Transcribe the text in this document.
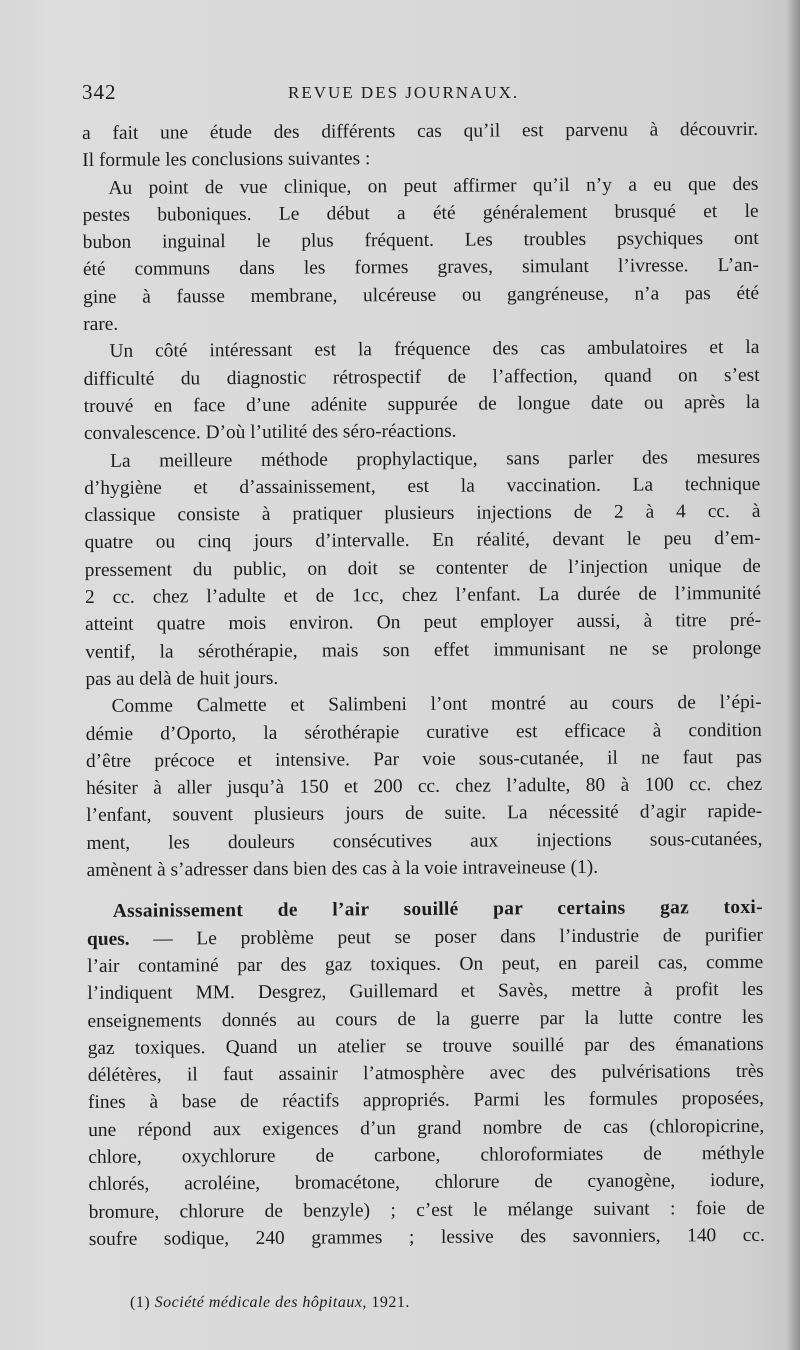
342	REVUE DES JOURNAUX.

a fait une étude des différents cas qu’il est parvenu à découvrir.
Il formule les conclusions suivantes :

Au point de vue clinique, on peut affirmer qu’il n’y a eu que des
pestes buboniques. Le début a été généralement brusqué et le
bubon inguinal le plus fréquent. Les troubles psychiques ont
été communs dans les formes graves, simulant l’ivresse. L’an-
gine à fausse membrane, ulcéreuse ou gangréneuse, n’a pas été
rare.

Un côté intéressant est la fréquence des cas ambulatoires et la
difficulté du diagnostic rétrospectif de l’affection, quand on s’est
trouvé en face d’une adénite suppurée de longue date ou après la
convalescence. D’où l’utilité des séro-réactions.

La meilleure méthode prophylactique, sans parler des mesures
d’hygiène et d’assainissement, est la vaccination. La technique
classique consiste à pratiquer plusieurs injections de 2 à 4 cc. à
quatre ou cinq jours d’intervalle. En réalité, devant le peu d’em-
pressement du public, on doit se contenter de l’injection unique de
2 cc. chez l’adulte et de 1cc, chez l’enfant. La durée de l’immunité
atteint quatre mois environ. On peut employer aussi, à titre pré-
ventif, la sérothérapie, mais son effet immunisant ne se prolonge
pas au delà de huit jours.

Comme Calmette et Salimbeni l’ont montré au cours de l’épi-
démie d’Oporto, la sérothérapie curative est efficace à condition
d’être précoce et intensive. Par voie sous-cutanée, il ne faut pas
hésiter à aller jusqu’à 150 et 200 cc. chez l’adulte, 80 à 100 cc. chez
l’enfant, souvent plusieurs jours de suite. La nécessité d’agir rapide-
ment, les douleurs consécutives aux injections sous-cutanées,
amènent à s’adresser dans bien des cas à la voie intraveineuse (1).

Assainissement de l’air souillé par certains gaz toxi-
ques. — Le problème peut se poser dans l’industrie de purifier
l’air contaminé par des gaz toxiques. On peut, en pareil cas, comme
l’indiquent MM. Desgrez, Guillemard et Savès, mettre à profit les
enseignements donnés au cours de la guerre par la lutte contre les
gaz toxiques. Quand un atelier se trouve souillé par des émanations
délétères, il faut assainir l’atmosphère avec des pulvérisations très
fines à base de réactifs appropriés. Parmi les formules proposées,
une répond aux exigences d’un grand nombre de cas (chloropicrine,
chlore, oxychlorure de carbone, chloroformiates de méthyle
chlorés, acroléine, bromacétone, chlorure de cyanogène, iodure,
bromure, chlorure de benzyle) ; c’est le mélange suivant : foie de
soufre sodique, 240 grammes ; lessive des savonniers, 140 cc.

(1) Société médicale des hôpitaux, 1921.
